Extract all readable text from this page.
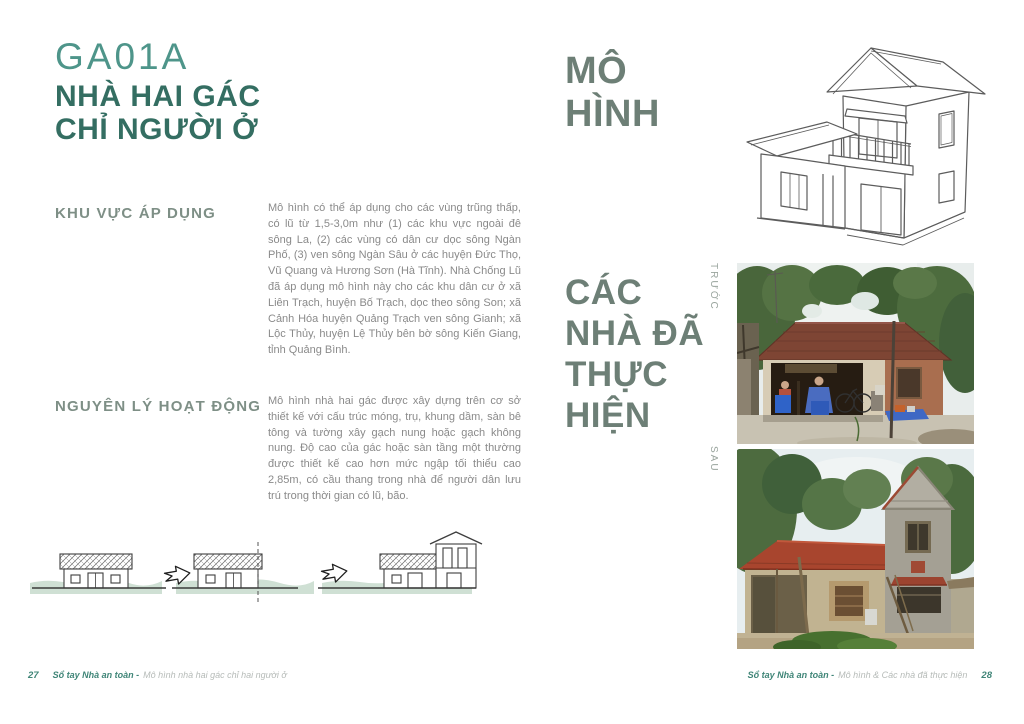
GA01A
NHÀ HAI GÁC
CHỈ NGƯỜI Ở
KHU VỰC ÁP DỤNG	Mô hình có thể áp dụng cho các vùng trũng thấp, có lũ từ 1,5-3,0m như (1) các khu vực ngoài đê sông La, (2) các vùng có dân cư dọc sông Ngàn Phố, (3) ven sông Ngàn Sâu ở các huyện Đức Thọ, Vũ Quang và Hương Sơn (Hà Tĩnh). Nhà Chống Lũ đã áp dụng mô hình này cho các khu dân cư ở xã Liên Trạch, huyện Bố Trạch, dọc theo sông Son; xã Cảnh Hóa huyện Quảng Trạch ven sông Gianh; xã Lộc Thủy, huyện Lệ Thủy bên bờ sông Kiến Giang, tỉnh Quảng Bình.
NGUYÊN LÝ HOẠT ĐỘNG Mô hình nhà hai gác được xây dựng trên cơ sở thiết kế với cấu trúc móng, trụ, khung dầm, sàn bê tông và tường xây gạch nung hoặc gạch không nung. Độ cao của gác hoặc sàn tầng một thường được thiết kế cao hơn mức ngập tối thiểu cao 2,85m, có cầu thang trong nhà để người dân lưu trú trong thời gian có lũ, bão.
27 Sổ tay Nhà an toàn - Mô hình nhà hai gác chỉ hai người ở
MÔ
HÌNH
CÁC
NHÀ ĐÃ
THỰC
HIỆN
TRƯỚC
SAU
Sổ tay Nhà an toàn - Mô hình & Các nhà đã thực hiện 28
